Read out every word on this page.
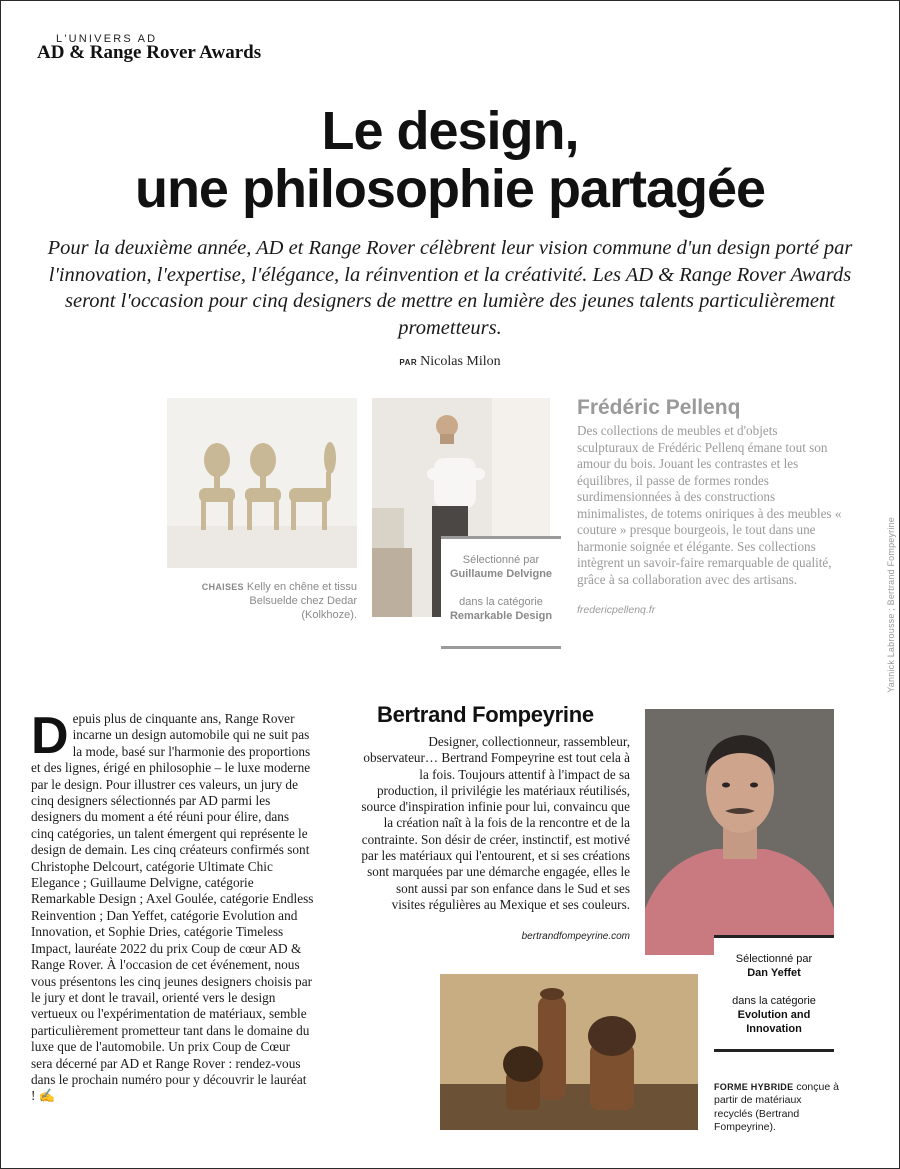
L'UNIVERS AD
AD & Range Rover Awards
Le design,
une philosophie partagée

Pour la deuxième année, AD et Range Rover célèbrent leur vision commune d'un design porté par l'innovation, l'expertise, l'élégance, la réinvention et la créativité. Les AD & Range Rover Awards seront l'occasion pour cinq designers de mettre en lumière des jeunes talents particulièrement prometteurs.

PAR Nicolas Milon
CHAISES Kelly en chêne et tissu Belsuelde chez Dedar (Kolkhoze).
Sélectionné par
Guillaume Delvigne
dans la catégorie
Remarkable Design
Frédéric Pellenq

Des collections de meubles et d'objets sculpturaux de Frédéric Pellenq émane tout son amour du bois. Jouant les contrastes et les équilibres, il passe de formes rondes surdimensionnées à des constructions minimalistes, de totems oniriques à des meubles « couture » presque bourgeois, le tout dans une harmonie soignée et élégante. Ses collections intègrent un savoir-faire remarquable de qualité, grâce à sa collaboration avec des artisans.

fredericpellenq.fr	Yannick Labrousse ; Bertrand Fompeyrine

Depuis plus de cinquante ans, Range Rover incarne un design automobile qui ne suit pas la mode, basé sur l'harmonie des proportions et des lignes, érigé en philosophie – le luxe moderne par le design. Pour illustrer ces valeurs, un jury de cinq designers sélectionnés par AD parmi les designers du moment a été réuni pour élire, dans cinq catégories, un talent émergent qui représente le design de demain. Les cinq créateurs confirmés sont Christophe Delcourt, catégorie Ultimate Chic Elegance ; Guillaume Delvigne, catégorie Remarkable Design ; Axel Goulée, catégorie Endless Reinvention ; Dan Yeffet, catégorie Evolution and Innovation, et Sophie Dries, catégorie Timeless Impact, lauréate 2022 du prix Coup de cœur AD & Range Rover. À l'occasion de cet événement, nous vous présentons les cinq jeunes designers choisis par le jury et dont le travail, orienté vers le design vertueux ou l'expérimentation de matériaux, semble particulièrement prometteur tant dans le domaine du luxe que de l'automobile. Un prix Coup de Cœur sera décerné par AD et Range Rover : rendez-vous dans le prochain numéro pour y découvrir le lauréat ! ✍

Bertrand Fompeyrine

Designer, collectionneur, rassembleur, observateur… Bertrand Fompeyrine est tout cela à la fois. Toujours attentif à l'impact de sa production, il privilégie les matériaux réutilisés, source d'inspiration infinie pour lui, convaincu que la création naît à la fois de la rencontre et de la contrainte. Son désir de créer, instinctif, est motivé par les matériaux qui l'entourent, et si ses créations sont marquées par une démarche engagée, elles le sont aussi par son enfance dans le Sud et ses visites régulières au Mexique et ses couleurs.

bertrandfompeyrine.com
Sélectionné par
Dan Yeffet
dans la catégorie
Evolution and Innovation
FORME HYBRIDE conçue à partir de matériaux recyclés (Bertrand Fompeyrine).
